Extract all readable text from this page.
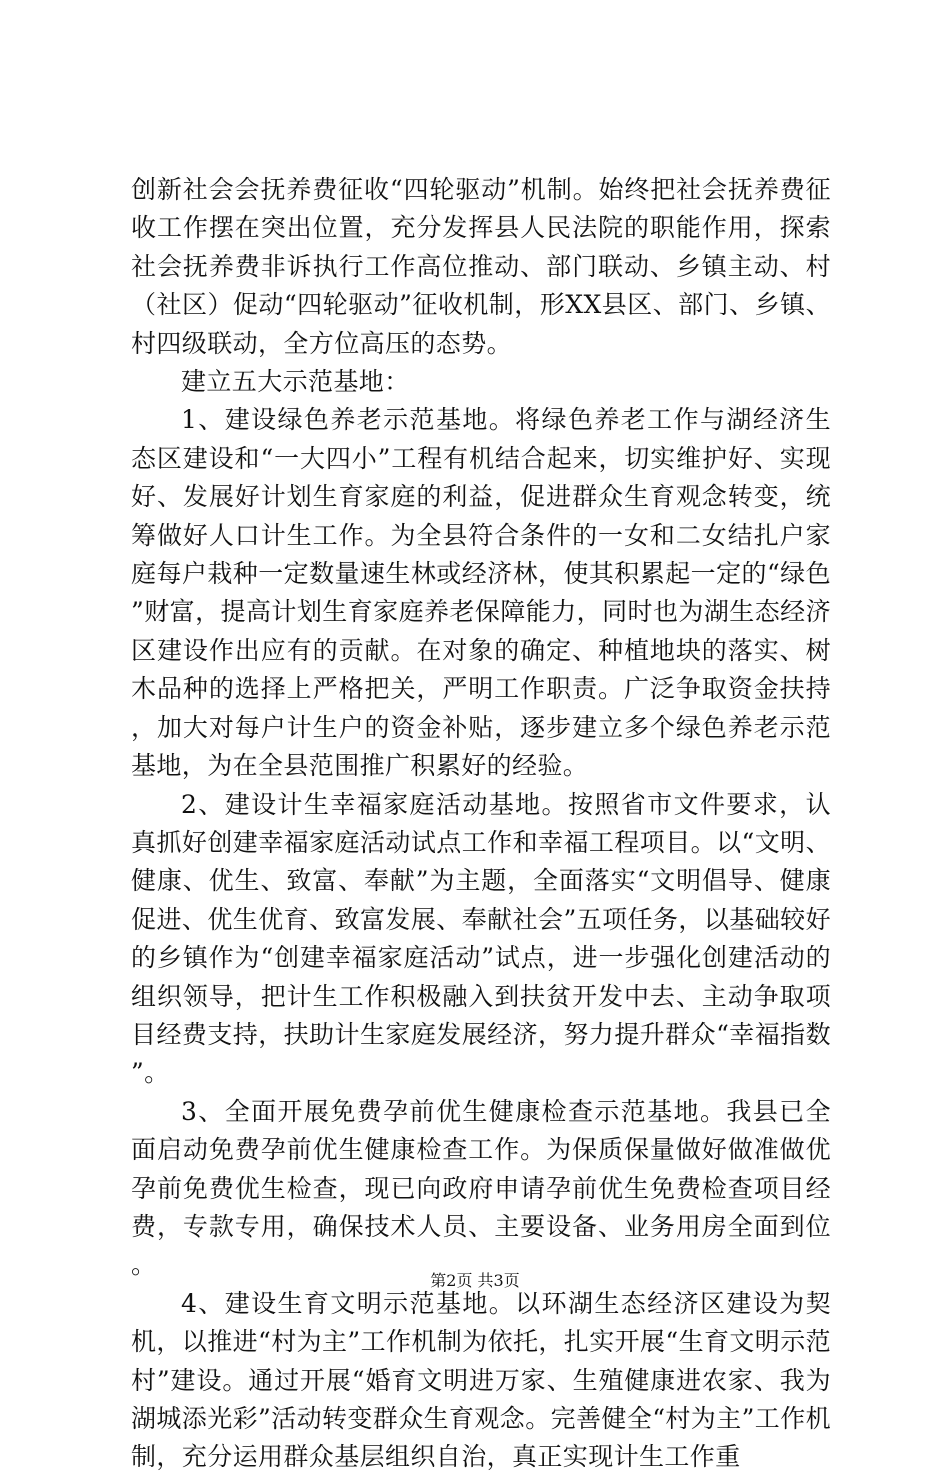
创新社会会抚养费征收“四轮驱动”机制。始终把社会抚养费征收工作摆在突出位置，充分发挥县人民法院的职能作用，探索社会抚养费非诉执行工作高位推动、部门联动、乡镇主动、村（社区）促动“四轮驱动”征收机制，形XX县区、部门、乡镇、村四级联动，全方位高压的态势。

建立五大示范基地：

1、建设绿色养老示范基地。将绿色养老工作与湖经济生态区建设和“一大四小”工程有机结合起来，切实维护好、实现好、发展好计划生育家庭的利益，促进群众生育观念转变，统筹做好人口计生工作。为全县符合条件的一女和二女结扎户家庭每户栽种一定数量速生林或经济林，使其积累起一定的“绿色”财富，提高计划生育家庭养老保障能力，同时也为湖生态经济区建设作出应有的贡献。在对象的确定、种植地块的落实、树木品种的选择上严格把关，严明工作职责。广泛争取资金扶持，加大对每户计生户的资金补贴，逐步建立多个绿色养老示范基地，为在全县范围推广积累好的经验。

2、建设计生幸福家庭活动基地。按照省市文件要求，认真抓好创建幸福家庭活动试点工作和幸福工程项目。以“文明、健康、优生、致富、奉献”为主题，全面落实“文明倡导、健康促进、优生优育、致富发展、奉献社会”五项任务，以基础较好的乡镇作为“创建幸福家庭活动”试点，进一步强化创建活动的组织领导，把计生工作积极融入到扶贫开发中去、主动争取项目经费支持，扶助计生家庭发展经济，努力提升群众“幸福指数”。

3、全面开展免费孕前优生健康检查示范基地。我县已全面启动免费孕前优生健康检查工作。为保质保量做好做准做优孕前免费优生检查，现已向政府申请孕前优生免费检查项目经费，专款专用，确保技术人员、主要设备、业务用房全面到位。

4、建设生育文明示范基地。以环湖生态经济区建设为契机，以推进“村为主”工作机制为依托，扎实开展“生育文明示范村”建设。通过开展“婚育文明进万家、生殖健康进农家、我为湖城添光彩”活动转变群众生育观念。完善健全“村为主”工作机制，充分运用群众基层组织自治，真正实现计生工作重

第2页 共3页
